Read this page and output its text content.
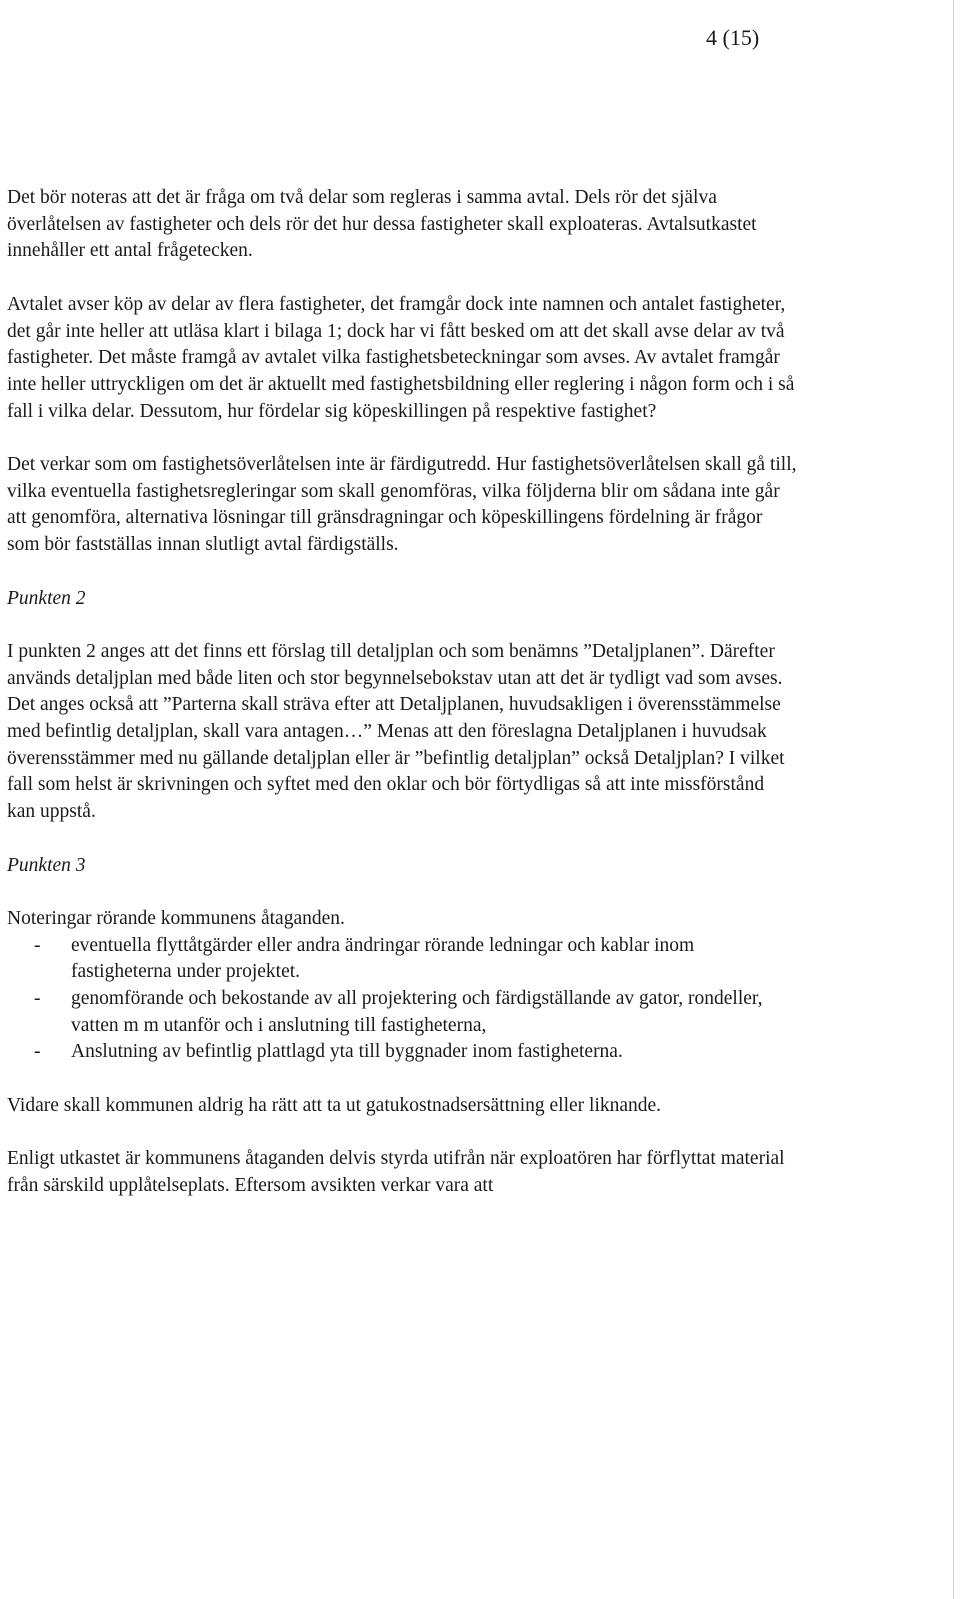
4 (15)

Det bör noteras att det är fråga om två delar som regleras i samma avtal. Dels rör det själva överlåtelsen av fastigheter och dels rör det hur dessa fastigheter skall exploateras. Avtalsutkastet innehåller ett antal frågetecken.

Avtalet avser köp av delar av flera fastigheter, det framgår dock inte namnen och antalet fastigheter, det går inte heller att utläsa klart i bilaga 1; dock har vi fått besked om att det skall avse delar av två fastigheter. Det måste framgå av avtalet vilka fastighetsbeteckningar som avses. Av avtalet framgår inte heller uttryckligen om det är aktuellt med fastighetsbildning eller reglering i någon form och i så fall i vilka delar. Dessutom, hur fördelar sig köpeskillingen på respektive fastighet?

Det verkar som om fastighetsöverlåtelsen inte är färdigutredd. Hur fastighetsöverlåtelsen skall gå till, vilka eventuella fastighetsregleringar som skall genomföras, vilka följderna blir om sådana inte går att genomföra, alternativa lösningar till gränsdragningar och köpeskillingens fördelning är frågor som bör fastställas innan slutligt avtal färdigställs.

Punkten 2

I punkten 2 anges att det finns ett förslag till detaljplan och som benämns ”Detaljplanen”. Därefter används detaljplan med både liten och stor begynnelsebokstav utan att det är tydligt vad som avses. Det anges också att ”Parterna skall sträva efter att Detaljplanen, huvudsakligen i överensstämmelse med befintlig detaljplan, skall vara antagen…” Menas att den föreslagna Detaljplanen i huvudsak överensstämmer med nu gällande detaljplan eller är ”befintlig detaljplan” också Detaljplan? I vilket fall som helst är skrivningen och syftet med den oklar och bör förtydligas så att inte missförstånd kan uppstå.

Punkten 3

Noteringar rörande kommunens åtaganden.

- eventuella flyttåtgärder eller andra ändringar rörande ledningar och kablar inom fastigheterna under projektet.
- genomförande och bekostande av all projektering och färdigställande av gator, rondeller, vatten m m utanför och i anslutning till fastigheterna,
- Anslutning av befintlig plattlagd yta till byggnader inom fastigheterna.

Vidare skall kommunen aldrig ha rätt att ta ut gatukostnadsersättning eller liknande.

Enligt utkastet är kommunens åtaganden delvis styrda utifrån när exploatören har förflyttat material från särskild upplåtelseplats. Eftersom avsikten verkar vara att
